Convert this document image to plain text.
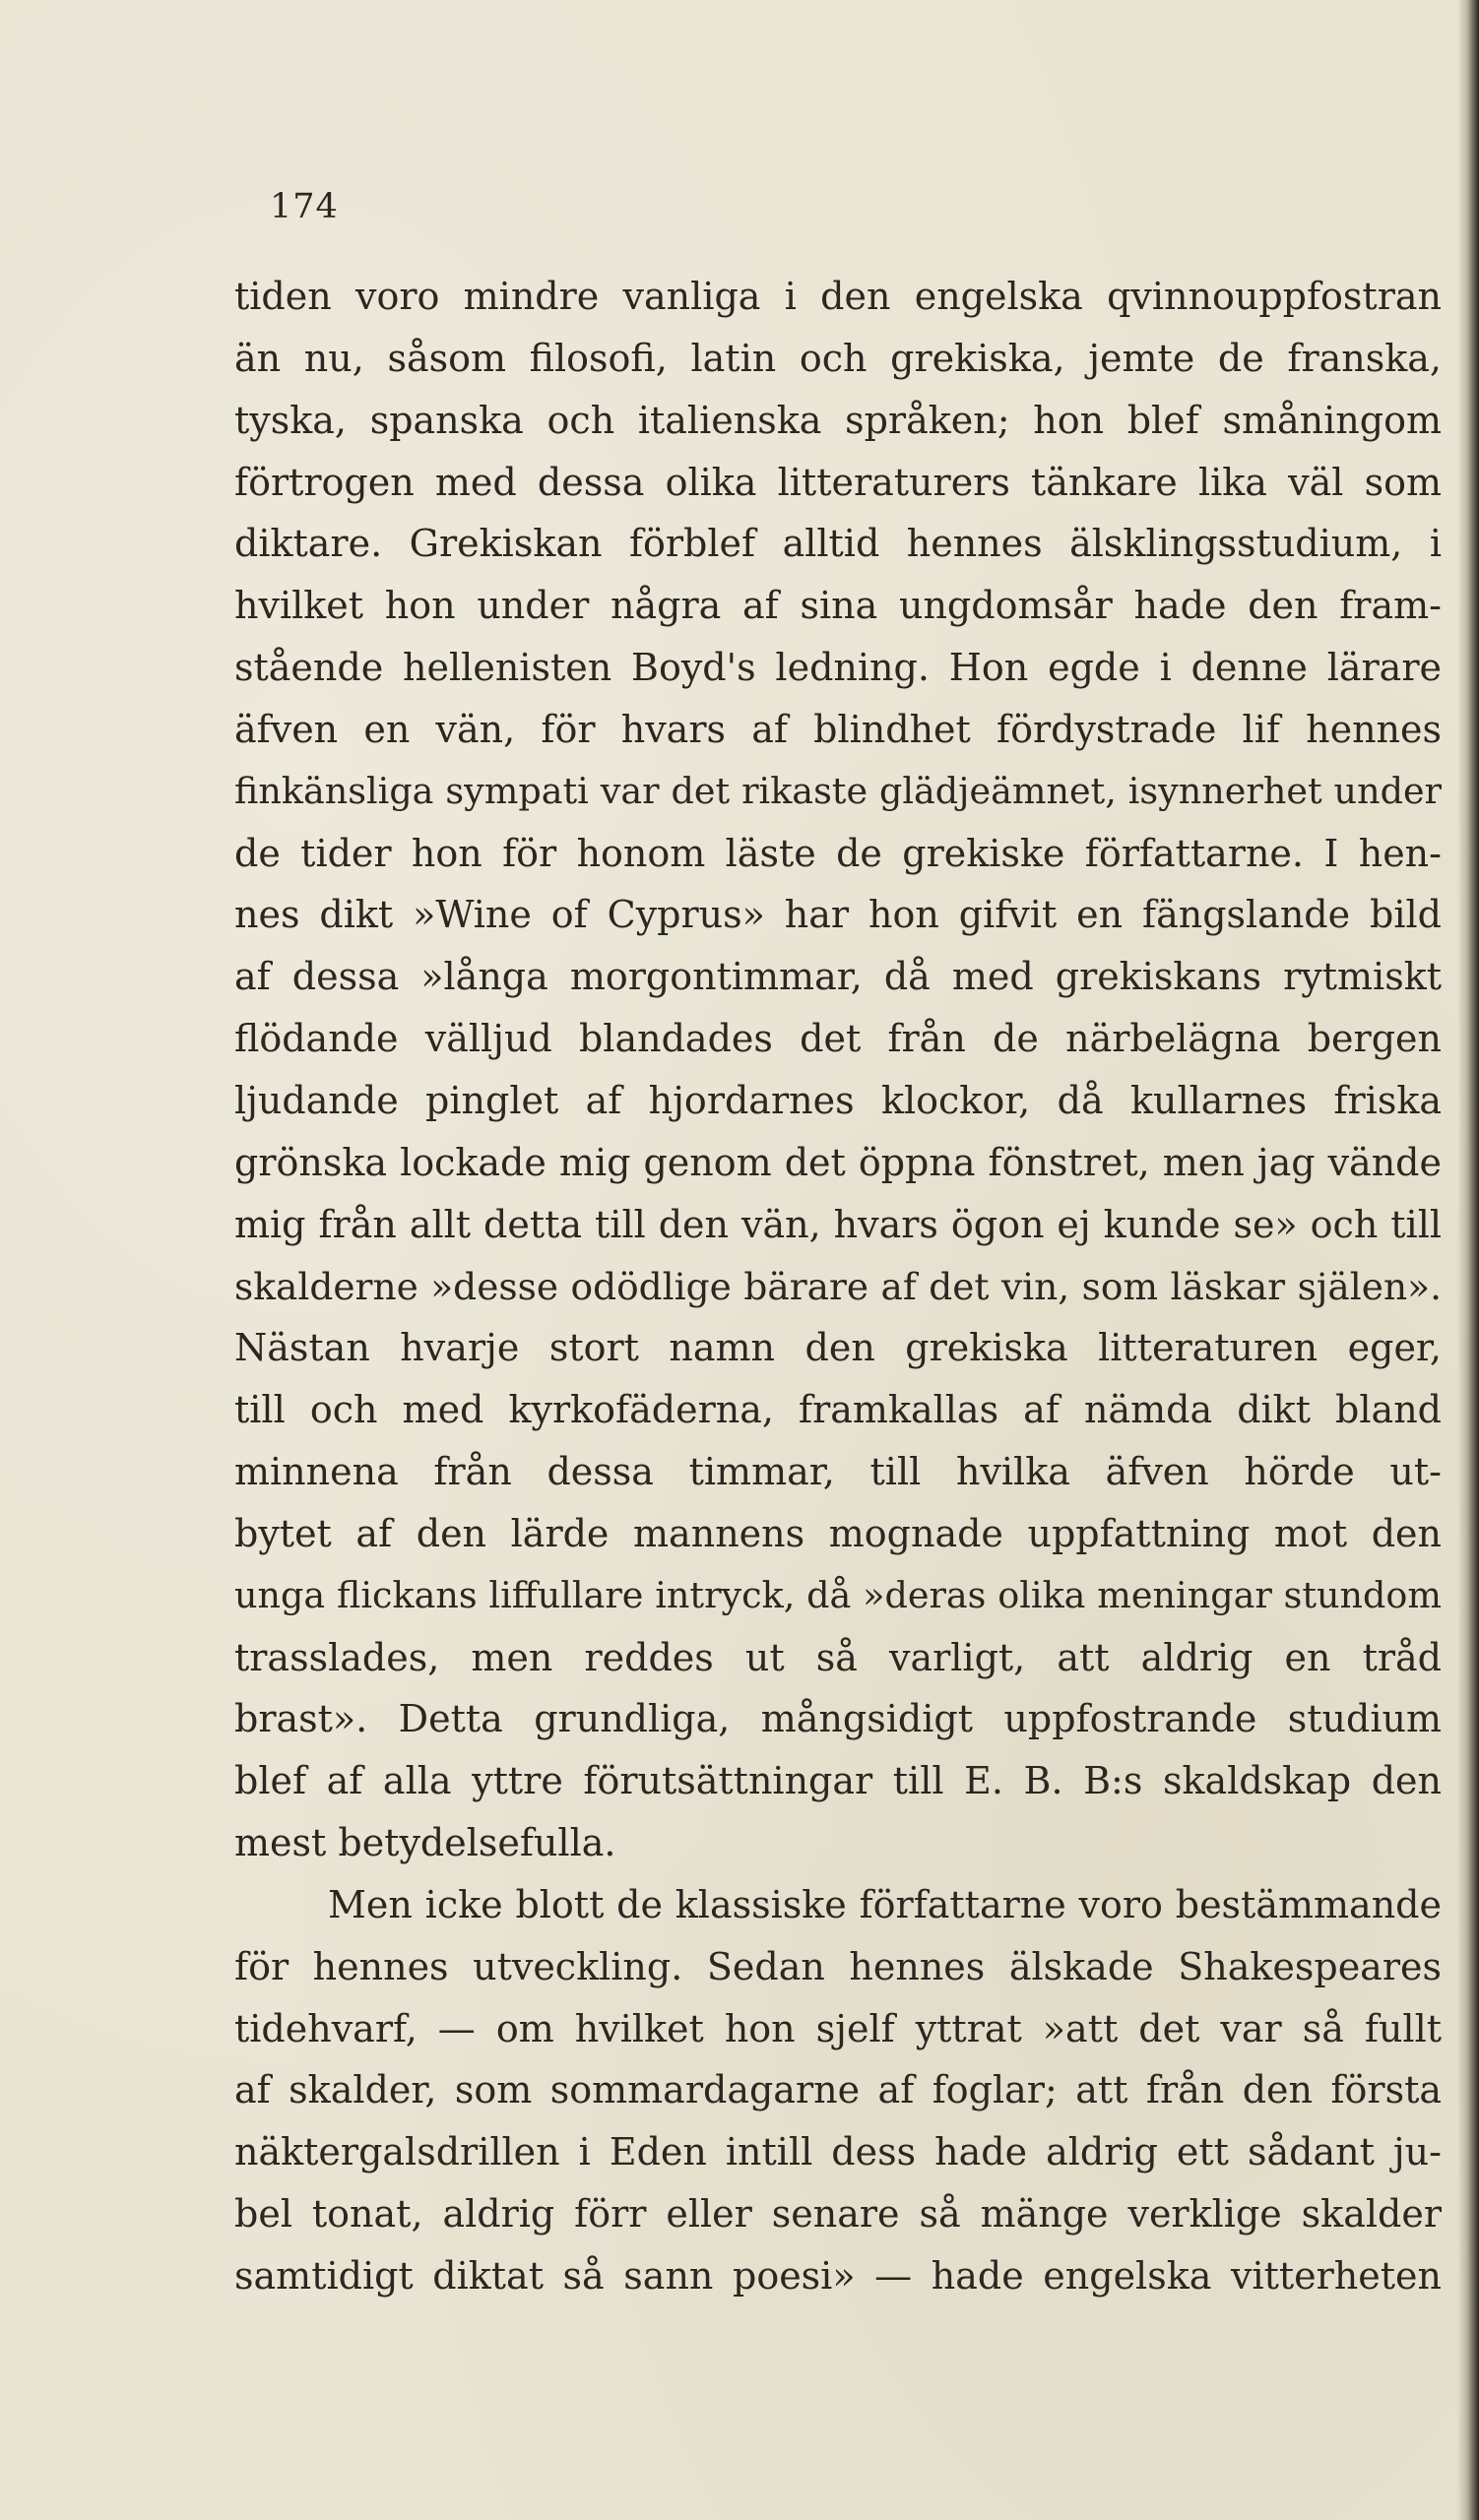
174
tiden voro mindre vanliga i den engelska qvinnouppfostran
än nu, såsom filosofi, latin och grekiska, jemte de franska,
tyska, spanska och italienska språken; hon blef småningom
förtrogen med dessa olika litteraturers tänkare lika väl som
diktare. Grekiskan förblef alltid hennes älsklingsstudium, i
hvilket hon under några af sina ungdomsår hade den fram-
stående hellenisten Boyd's ledning. Hon egde i denne lärare
äfven en vän, för hvars af blindhet fördystrade lif hennes
finkänsliga sympati var det rikaste glädjeämnet, isynnerhet under
de tider hon för honom läste de grekiske författarne. I hen-
nes dikt »Wine of Cyprus» har hon gifvit en fängslande bild
af dessa »långa morgontimmar, då med grekiskans rytmiskt
flödande välljud blandades det från de närbelägna bergen
ljudande pinglet af hjordarnes klockor, då kullarnes friska
grönska lockade mig genom det öppna fönstret, men jag vände
mig från allt detta till den vän, hvars ögon ej kunde se» och till
skalderne »desse odödlige bärare af det vin, som läskar själen».
Nästan hvarje stort namn den grekiska litteraturen eger,
till och med kyrkofäderna, framkallas af nämda dikt bland
minnena från dessa timmar, till hvilka äfven hörde ut-
bytet af den lärde mannens mognade uppfattning mot den
unga flickans liffullare intryck, då »deras olika meningar stundom
trasslades, men reddes ut så varligt, att aldrig en tråd
brast». Detta grundliga, mångsidigt uppfostrande studium
blef af alla yttre förutsättningar till E. B. B:s skaldskap den
mest betydelsefulla.
Men icke blott de klassiske författarne voro bestämmande
för hennes utveckling. Sedan hennes älskade Shakespeares
tidehvarf, — om hvilket hon sjelf yttrat »att det var så fullt
af skalder, som sommardagarne af foglar; att från den första
näktergalsdrillen i Eden intill dess hade aldrig ett sådant ju-
bel tonat, aldrig förr eller senare så mänge verklige skalder
samtidigt diktat så sann poesi» — hade engelska vitterheten
